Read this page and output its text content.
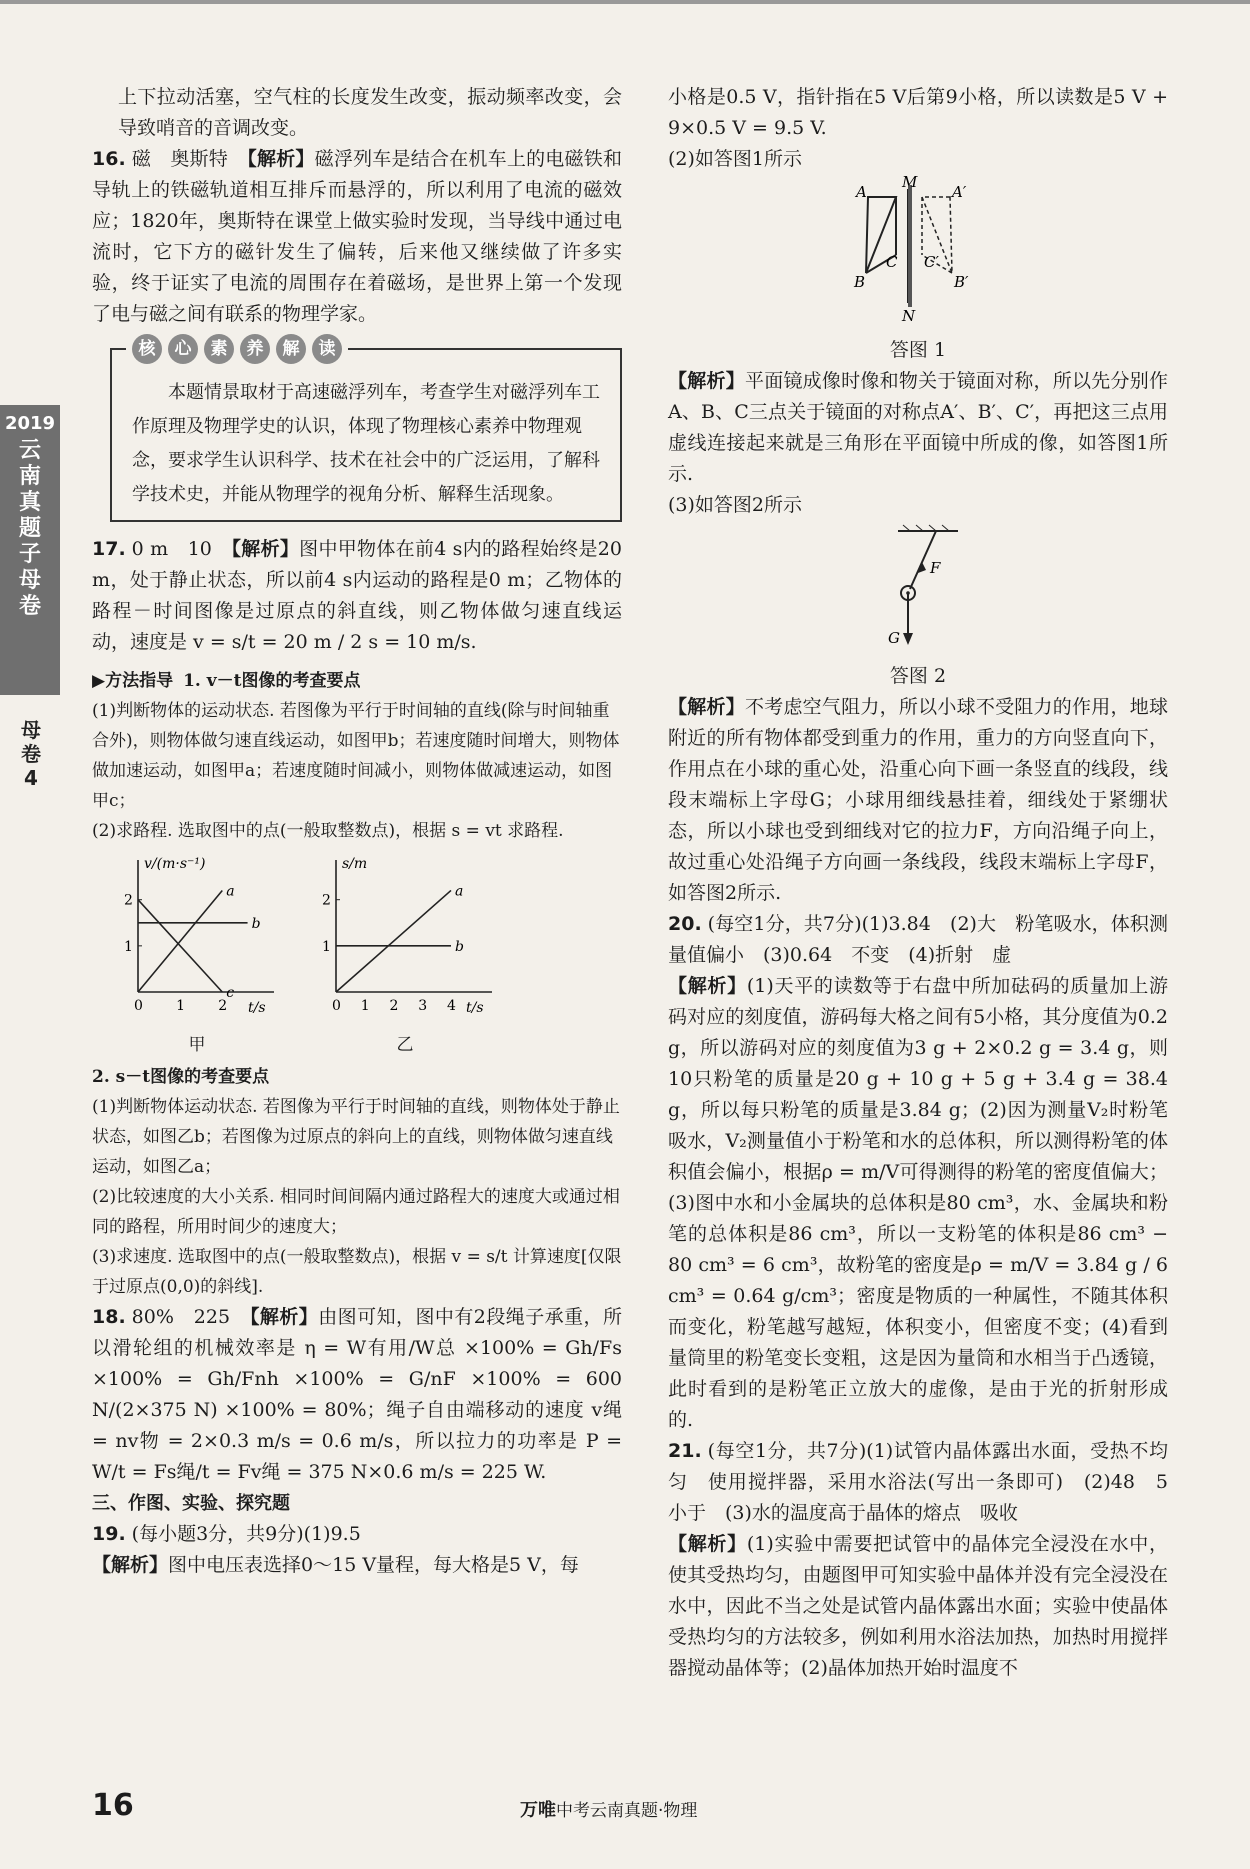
2019
云
南
真
题
子
母
卷
母
卷
4

上下拉动活塞，空气柱的长度发生改变，振动频率改变，会导致哨音的音调改变。

16. 磁　奥斯特　 【解析】磁浮列车是结合在机车上的电磁铁和导轨上的铁磁轨道相互排斥而悬浮的，所以利用了电流的磁效应；1820年，奥斯特在课堂上做实验时发现，当导线中通过电流时，它下方的磁针发生了偏转，后来他又继续做了许多实验，终于证实了电流的周围存在着磁场，是世界上第一个发现了电与磁之间有联系的物理学家。

核	心	素	养	解	读
本题情景取材于高速磁浮列车，考查学生对磁浮列车工作原理及物理学史的认识，体现了物理核心素养中物理观念，要求学生认识科学、技术在社会中的广泛运用，了解科学技术史，并能从物理学的视角分析、解释生活现象。

17. 0 m　10　 【解析】图中甲物体在前4 s内的路程始终是20 m，处于静止状态，所以前4 s内运动的路程是0 m；乙物体的路程－时间图像是过原点的斜直线，则乙物体做匀速直线运动，速度是 v = s/t = 20 m / 2 s = 10 m/s.

▶方法指导 1. v－t图像的考查要点
(1)判断物体的运动状态. 若图像为平行于时间轴的直线(除与时间轴重合外)，则物体做匀速直线运动，如图甲b；若速度随时间增大，则物体做加速运动，如图甲a；若速度随时间减小，则物体做减速运动，如图甲c；
(2)求路程. 选取图中的点(一般取整数点)，根据 s = vt 求路程.
v/(m·s⁻¹)
t/s
0 1 2
1
2
a
b
c
甲
s/m
t/s
0 1 2 3 4
1
2
a
b
乙
2. s－t图像的考查要点
(1)判断物体运动状态. 若图像为平行于时间轴的直线，则物体处于静止状态，如图乙b；若图像为过原点的斜向上的直线，则物体做匀速直线运动，如图乙a；
(2)比较速度的大小关系. 相同时间间隔内通过路程大的速度大或通过相同的路程，所用时间少的速度大；
(3)求速度. 选取图中的点(一般取整数点)，根据 v = s/t 计算速度[仅限于过原点(0,0)的斜线].

18. 80%　225　 【解析】由图可知，图中有2段绳子承重，所以滑轮组的机械效率是 η = W有用/W总 ×100% = Gh/Fs ×100% = Gh/Fnh ×100% = G/nF ×100% = 600 N/(2×375 N) ×100% = 80%；绳子自由端移动的速度 v绳 = nv物 = 2×0.3 m/s = 0.6 m/s，所以拉力的功率是 P = W/t = Fs绳/t = Fv绳 = 375 N×0.6 m/s = 225 W.

三、作图、实验、探究题

19. (每小题3分，共9分)(1)9.5
【解析】图中电压表选择0～15 V量程，每大格是5 V，每

小格是0.5 V，指针指在5 V后第9小格，所以读数是5 V + 9×0.5 V = 9.5 V.

(2)如答图1所示

M
N
A
B
C
A′
B′
C′
答图 1

【解析】平面镜成像时像和物关于镜面对称，所以先分别作A、B、C三点关于镜面的对称点A′、B′、C′，再把这三点用虚线连接起来就是三角形在平面镜中所成的像，如答图1所示.

(3)如答图2所示

F
G
答图 2

【解析】不考虑空气阻力，所以小球不受阻力的作用，地球附近的所有物体都受到重力的作用，重力的方向竖直向下，作用点在小球的重心处，沿重心向下画一条竖直的线段，线段末端标上字母G；小球用细线悬挂着，细线处于紧绷状态，所以小球也受到细线对它的拉力F，方向沿绳子向上，故过重心处沿绳子方向画一条线段，线段末端标上字母F，如答图2所示.

20. (每空1分，共7分)(1)3.84　(2)大　粉笔吸水，体积测量值偏小　(3)0.64　不变　(4)折射　虚
【解析】(1)天平的读数等于右盘中所加砝码的质量加上游码对应的刻度值，游码每大格之间有5小格，其分度值为0.2 g，所以游码对应的刻度值为3 g + 2×0.2 g = 3.4 g，则10只粉笔的质量是20 g + 10 g + 5 g + 3.4 g = 38.4 g，所以每只粉笔的质量是3.84 g；(2)因为测量V₂时粉笔吸水，V₂测量值小于粉笔和水的总体积，所以测得粉笔的体积值会偏小，根据ρ = m/V可得测得的粉笔的密度值偏大；(3)图中水和小金属块的总体积是80 cm³，水、金属块和粉笔的总体积是86 cm³，所以一支粉笔的体积是86 cm³ − 80 cm³ = 6 cm³，故粉笔的密度是ρ = m/V = 3.84 g / 6 cm³ = 0.64 g/cm³；密度是物质的一种属性，不随其体积而变化，粉笔越写越短，体积变小，但密度不变；(4)看到量筒里的粉笔变长变粗，这是因为量筒和水相当于凸透镜，此时看到的是粉笔正立放大的虚像，是由于光的折射形成的.

21. (每空1分，共7分)(1)试管内晶体露出水面，受热不均匀　使用搅拌器，采用水浴法(写出一条即可)　(2)48　5　小于　(3)水的温度高于晶体的熔点　吸收
【解析】(1)实验中需要把试管中的晶体完全浸没在水中，使其受热均匀，由题图甲可知实验中晶体并没有完全浸没在水中，因此不当之处是试管内晶体露出水面；实验中使晶体受热均匀的方法较多，例如利用水浴法加热，加热时用搅拌器搅动晶体等；(2)晶体加热开始时温度不

16	万唯中考云南真题·物理
